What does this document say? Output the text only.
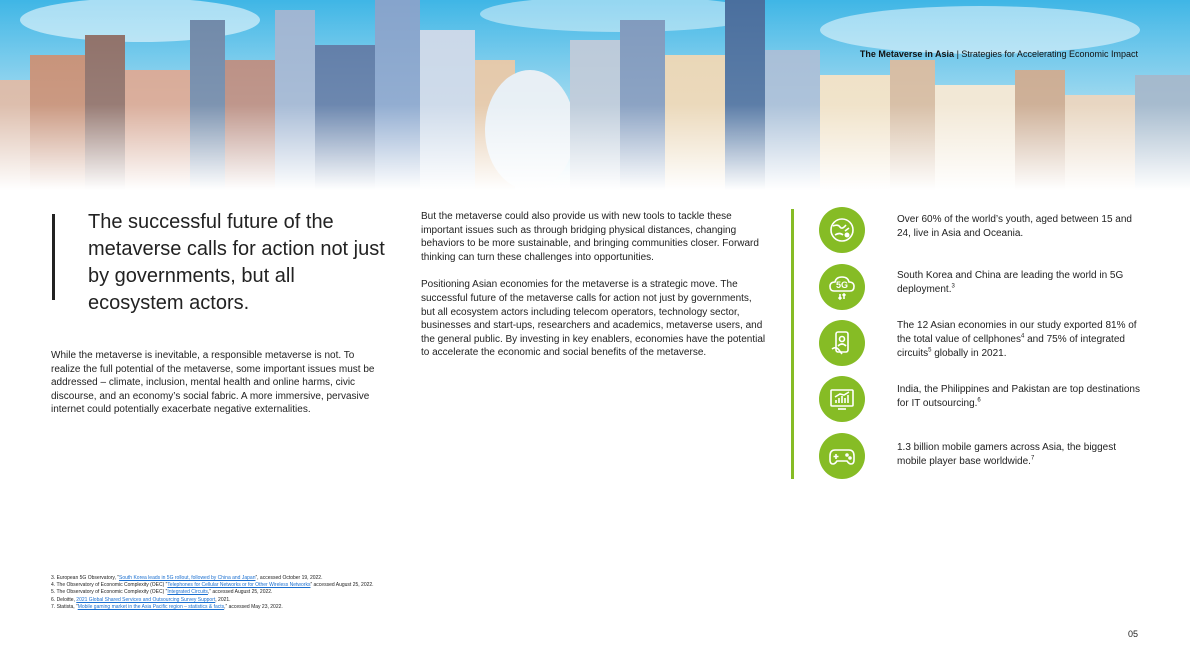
The Metaverse in Asia | Strategies for Accelerating Economic Impact
The successful future of the metaverse calls for action not just by governments, but all ecosystem actors.
While the metaverse is inevitable, a responsible metaverse is not. To realize the full potential of the metaverse, some important issues must be addressed – climate, inclusion, mental health and online harms, civic discourse, and an economy’s social fabric. A more immersive, pervasive internet could potentially exacerbate negative externalities.

But the metaverse could also provide us with new tools to tackle these important issues such as through bridging physical distances, changing behaviors to be more sustainable, and bringing communities closer. Forward thinking can turn these challenges into opportunities.

Positioning Asian economies for the metaverse is a strategic move. The successful future of the metaverse calls for action not just by governments, but all ecosystem actors including telecom operators, technology sector, businesses and start-ups, researchers and academics, metaverse users, and the general public. By investing in key enablers, economies have the potential to accelerate the economic and social benefits of the metaverse.

Over 60% of the world’s youth, aged between 15 and 24, live in Asia and Oceania.
5G
South Korea and China are leading the world in 5G deployment.$^3$
The 12 Asian economies in our study exported 81% of the total value of cellphones$^4$ and 75% of integrated circuits$^5$ globally in 2021.
India, the Philippines and Pakistan are top destinations for IT outsourcing.$^6$
1.3 billion mobile gamers across Asia, the biggest mobile player base worldwide.$^7$
3. European 5G Observatory, “South Korea leads in 5G rollout, followed by China and Japan”, accessed October 19, 2022.
4. The Observatory of Economic Complexity (OEC) “Telephones for Cellular Networks or for Other Wireless Networks” accessed August 25, 2022.
5. The Observatory of Economic Complexity (OEC) “Integrated Circuits,” accessed August 25, 2022.
6. Deloitte, 2021 Global Shared Services and Outsourcing Survey Support, 2021.
7. Statista, “Mobile gaming market in the Asia Pacific region – statistics & facts,” accessed May 23, 2022.
05
